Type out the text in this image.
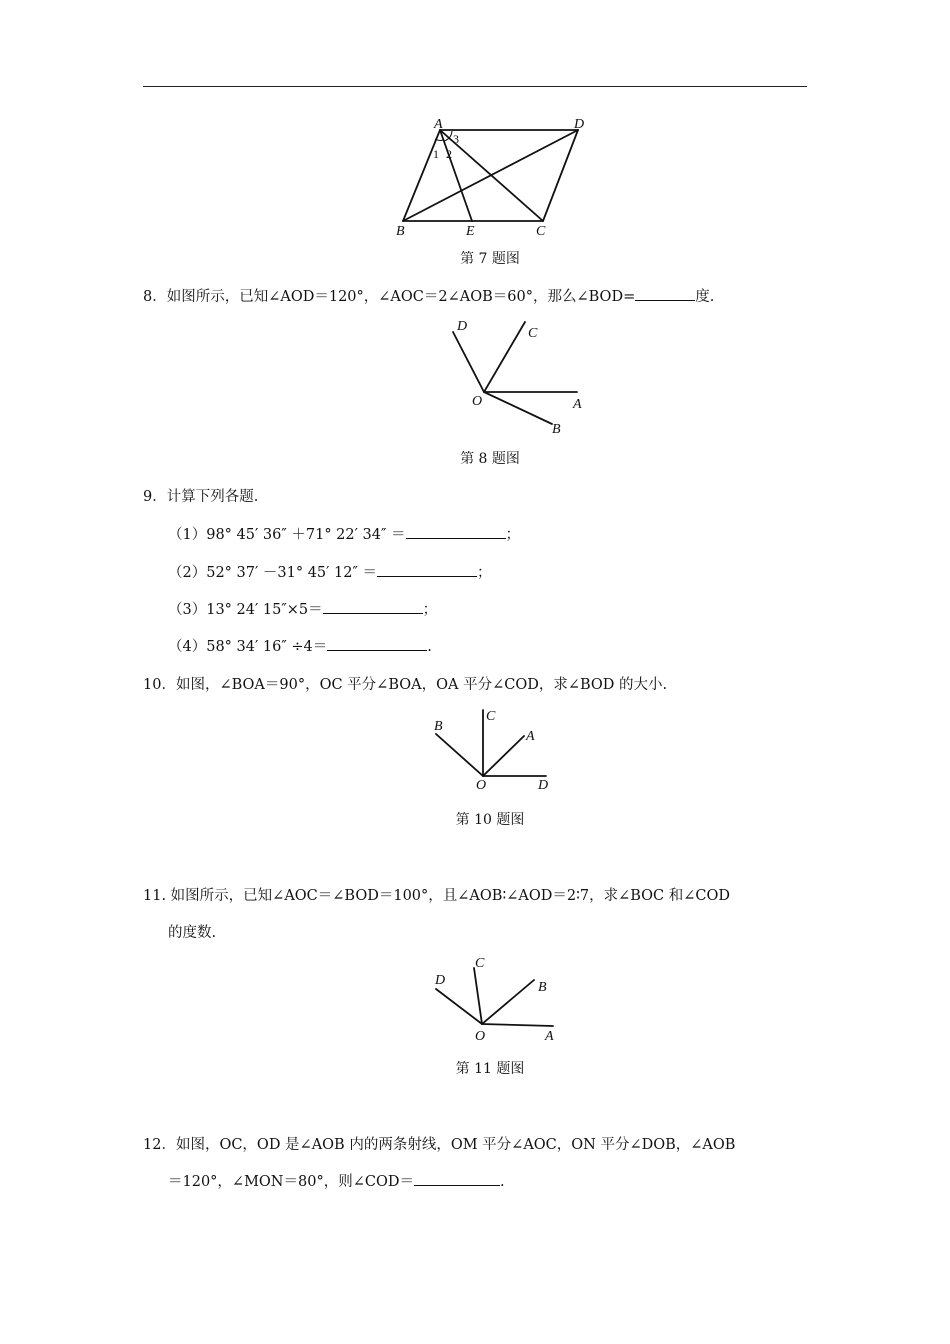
A	D
B	E	C
1 2
3
第 7 题图
8．如图所示，已知∠AOD＝120°，∠AOC＝2∠AOB＝60°，那么∠BOD=	度.
D	C
O	A
B
第 8 题图
9．计算下列各题.
（1）98° 45′ 36″ ＋71° 22′ 34″ ＝	；
（2）52° 37′ －31° 45′ 12″ ＝	；
（3）13° 24′ 15″×5＝	；
（4）58° 34′ 16″ ÷4＝	.
10．如图，∠BOA＝90°，OC 平分∠BOA，OA 平分∠COD，求∠BOD 的大小.
B
C
A
O	D
第 10 题图
11. 如图所示，已知∠AOC＝∠BOD＝100°，且∠AOB∶∠AOD＝2∶7，求∠BOC 和∠COD
的度数.
D
C
B
O	A
第 11 题图
12．如图，OC，OD 是∠AOB 内的两条射线，OM 平分∠AOC，ON 平分∠DOB，∠AOB
＝120°，∠MON＝80°，则∠COD＝	.
